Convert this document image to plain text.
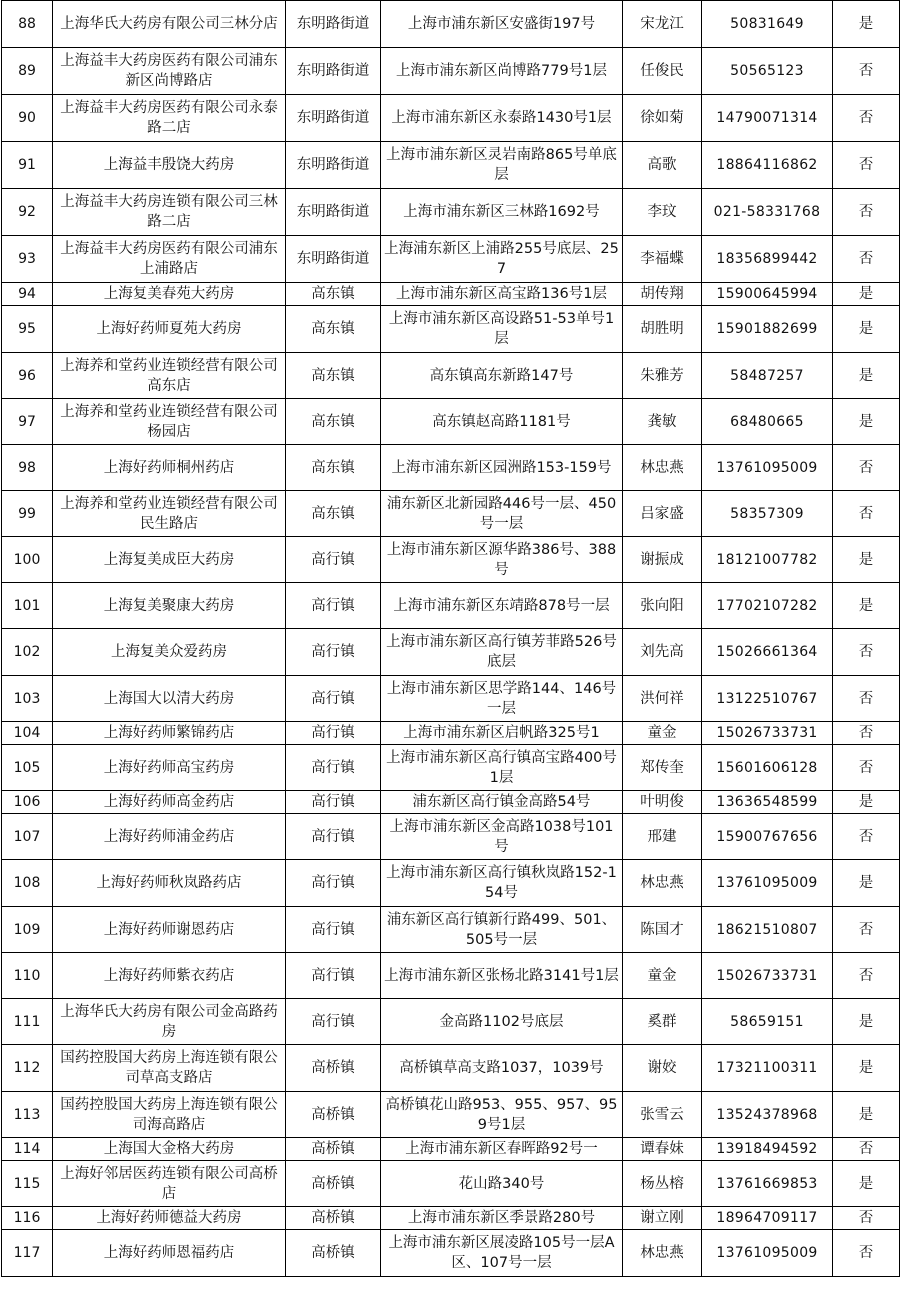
88	上海华氏大药房有限公司三林分店	东明路街道	上海市浦东新区安盛街197号	宋龙江	50831649	是
89	上海益丰大药房医药有限公司浦东新区尚博路店	东明路街道	上海市浦东新区尚博路779号1层	任俊民	50565123	否
90	上海益丰大药房医药有限公司永泰路二店	东明路街道	上海市浦东新区永泰路1430号1层	徐如菊	14790071314	否
91	上海益丰殷饶大药房	东明路街道	上海市浦东新区灵岩南路865号单底层	高歌	18864116862	否
92	上海益丰大药房连锁有限公司三林路二店	东明路街道	上海市浦东新区三林路1692号	李玟	021-58331768	否
93	上海益丰大药房医药有限公司浦东上浦路店	东明路街道	上海浦东新区上浦路255号底层、257	李福蝶	18356899442	否
94	上海复美春苑大药房	高东镇	上海市浦东新区高宝路136号1层	胡传翔	15900645994	是
95	上海好药师夏苑大药房	高东镇	上海市浦东新区高设路51-53单号1层	胡胜明	15901882699	是
96	上海养和堂药业连锁经营有限公司高东店	高东镇	高东镇高东新路147号	朱雅芳	58487257	是
97	上海养和堂药业连锁经营有限公司杨园店	高东镇	高东镇赵高路1181号	龚敏	68480665	是
98	上海好药师桐州药店	高东镇	上海市浦东新区园洲路153-159号	林忠燕	13761095009	否
99	上海养和堂药业连锁经营有限公司民生路店	高东镇	浦东新区北新园路446号一层、450号一层	吕家盛	58357309	否
100	上海复美成臣大药房	高行镇	上海市浦东新区源华路386号、388号	谢振成	18121007782	是
101	上海复美聚康大药房	高行镇	上海市浦东新区东靖路878号一层	张向阳	17702107282	是
102	上海复美众爱药房	高行镇	上海市浦东新区高行镇芳菲路526号底层	刘先高	15026661364	否
103	上海国大以清大药房	高行镇	上海市浦东新区思学路144、146号一层	洪何祥	13122510767	否
104	上海好药师繁锦药店	高行镇	上海市浦东新区启帆路325号1	童金	15026733731	否
105	上海好药师高宝药房	高行镇	上海市浦东新区高行镇高宝路400号1层	郑传奎	15601606128	否
106	上海好药师高金药店	高行镇	浦东新区高行镇金高路54号	叶明俊	13636548599	是
107	上海好药师浦金药店	高行镇	上海市浦东新区金高路1038号101号	邢建	15900767656	否
108	上海好药师秋岚路药店	高行镇	上海市浦东新区高行镇秋岚路152-154号	林忠燕	13761095009	是
109	上海好药师谢恩药店	高行镇	浦东新区高行镇新行路499、501、505号一层	陈国才	18621510807	否
110	上海好药师紫衣药店	高行镇	上海市浦东新区张杨北路3141号1层	童金	15026733731	否
111	上海华氏大药房有限公司金高路药房	高行镇	金高路1102号底层	奚群	58659151	是
112	国药控股国大药房上海连锁有限公司草高支路店	高桥镇	高桥镇草高支路1037，1039号	谢姣	17321100311	是
113	国药控股国大药房上海连锁有限公司海高路店	高桥镇	高桥镇花山路953、955、957、959号1层	张雪云	13524378968	是
114	上海国大金格大药房	高桥镇	上海市浦东新区春晖路92号一	谭春妹	13918494592	否
115	上海好邻居医药连锁有限公司高桥店	高桥镇	花山路340号	杨丛榕	13761669853	是
116	上海好药师德益大药房	高桥镇	上海市浦东新区季景路280号	谢立刚	18964709117	否
117	上海好药师恩福药店	高桥镇	上海市浦东新区展凌路105号一层A区、107号一层	林忠燕	13761095009	否
